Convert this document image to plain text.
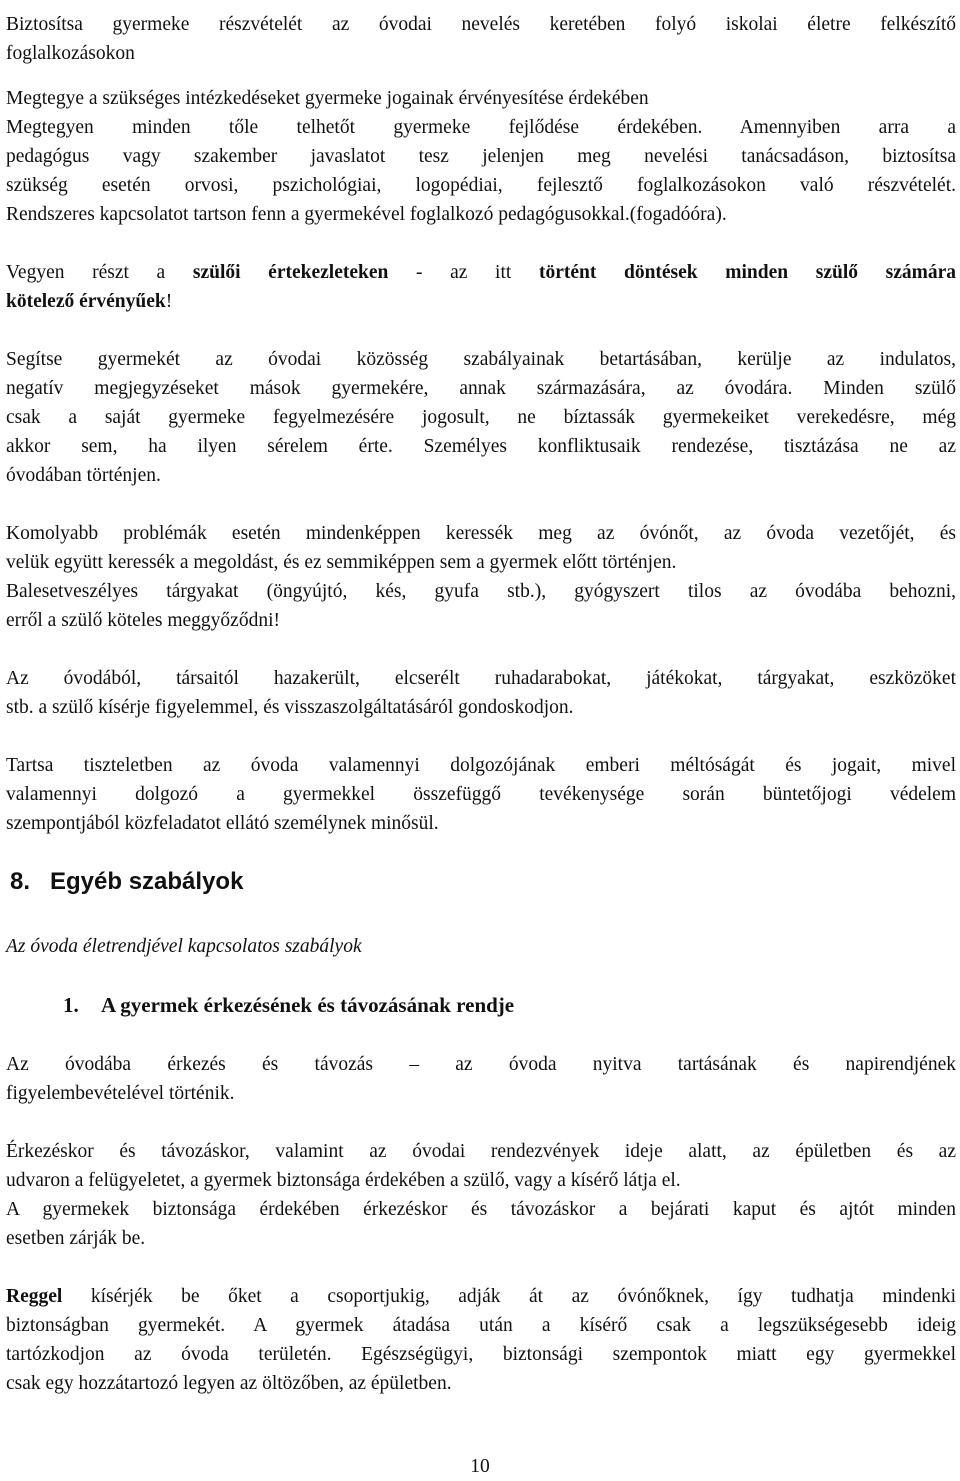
Biztosítsa gyermeke részvételét az óvodai nevelés keretében folyó iskolai életre felkészítő
foglalkozásokon
Megtegye a szükséges intézkedéseket gyermeke jogainak érvényesítése érdekében
Megtegyen minden tőle telhetőt gyermeke fejlődése érdekében. Amennyiben arra a
pedagógus vagy szakember javaslatot tesz jelenjen meg nevelési tanácsadáson, biztosítsa
szükség esetén orvosi, pszichológiai, logopédiai, fejlesztő foglalkozásokon való részvételét.
Rendszeres kapcsolatot tartson fenn a gyermekével foglalkozó pedagógusokkal.(fogadóóra).
Vegyen részt a szülői értekezleteken - az itt történt döntések minden szülő számára
kötelező érvényűek!
Segítse gyermekét az óvodai közösség szabályainak betartásában, kerülje az indulatos,
negatív megjegyzéseket mások gyermekére, annak származására, az óvodára. Minden szülő
csak a saját gyermeke fegyelmezésére jogosult, ne bíztassák gyermekeiket verekedésre, még
akkor sem, ha ilyen sérelem érte. Személyes konfliktusaik rendezése, tisztázása ne az
óvodában történjen.
Komolyabb problémák esetén mindenképpen keressék meg az óvónőt, az óvoda vezetőjét, és
velük együtt keressék a megoldást, és ez semmiképpen sem a gyermek előtt történjen.
Balesetveszélyes tárgyakat (öngyújtó, kés, gyufa stb.), gyógyszert tilos az óvodába behozni,
erről a szülő köteles meggyőződni!
Az óvodából, társaitól hazakerült, elcserélt ruhadarabokat, játékokat, tárgyakat, eszközöket
stb. a szülő kísérje figyelemmel, és visszaszolgáltatásáról gondoskodjon.
Tartsa tiszteletben az óvoda valamennyi dolgozójának emberi méltóságát és jogait, mivel
valamennyi dolgozó a gyermekkel összefüggő tevékenysége során büntetőjogi védelem
szempontjából közfeladatot ellátó személynek minősül.
8. Egyéb szabályok

Az óvoda életrendjével kapcsolatos szabályok

1. A gyermek érkezésének és távozásának rendje
Az óvodába érkezés és távozás – az óvoda nyitva tartásának és napirendjének
figyelembevételével történik.
Érkezéskor és távozáskor, valamint az óvodai rendezvények ideje alatt, az épületben és az
udvaron a felügyeletet, a gyermek biztonsága érdekében a szülő, vagy a kísérő látja el.
A gyermekek biztonsága érdekében érkezéskor és távozáskor a bejárati kaput és ajtót minden
esetben zárják be.
Reggel kísérjék be őket a csoportjukig, adják át az óvónőknek, így tudhatja mindenki
biztonságban gyermekét. A gyermek átadása után a kísérő csak a legszükségesebb ideig
tartózkodjon az óvoda területén. Egészségügyi, biztonsági szempontok miatt egy gyermekkel
csak egy hozzátartozó legyen az öltözőben, az épületben.

10
